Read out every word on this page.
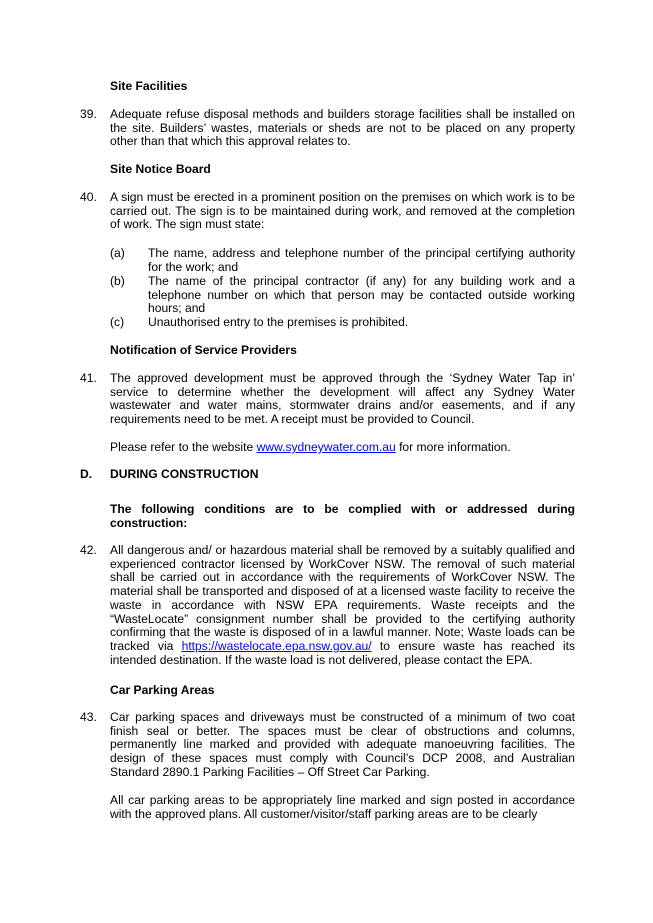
Site Facilities
39. Adequate refuse disposal methods and builders storage facilities shall be installed on the site. Builders’ wastes, materials or sheds are not to be placed on any property other than that which this approval relates to.
Site Notice Board
40. A sign must be erected in a prominent position on the premises on which work is to be carried out. The sign is to be maintained during work, and removed at the completion of work. The sign must state:
(a) The name, address and telephone number of the principal certifying authority for the work; and
(b) The name of the principal contractor (if any) for any building work and a telephone number on which that person may be contacted outside working hours; and
(c) Unauthorised entry to the premises is prohibited.
Notification of Service Providers
41. The approved development must be approved through the ‘Sydney Water Tap in’ service to determine whether the development will affect any Sydney Water wastewater and water mains, stormwater drains and/or easements, and if any requirements need to be met. A receipt must be provided to Council.
Please refer to the website www.sydneywater.com.au for more information.
D. DURING CONSTRUCTION
The following conditions are to be complied with or addressed during construction:
42. All dangerous and/ or hazardous material shall be removed by a suitably qualified and experienced contractor licensed by WorkCover NSW. The removal of such material shall be carried out in accordance with the requirements of WorkCover NSW. The material shall be transported and disposed of at a licensed waste facility to receive the waste in accordance with NSW EPA requirements. Waste receipts and the “WasteLocate” consignment number shall be provided to the certifying authority confirming that the waste is disposed of in a lawful manner. Note; Waste loads can be tracked via https://wastelocate.epa.nsw.gov.au/ to ensure waste has reached its intended destination. If the waste load is not delivered, please contact the EPA.
Car Parking Areas
43. Car parking spaces and driveways must be constructed of a minimum of two coat finish seal or better. The spaces must be clear of obstructions and columns, permanently line marked and provided with adequate manoeuvring facilities. The design of these spaces must comply with Council’s DCP 2008, and Australian Standard 2890.1 Parking Facilities – Off Street Car Parking.
All car parking areas to be appropriately line marked and sign posted in accordance with the approved plans. All customer/visitor/staff parking areas are to be clearly
